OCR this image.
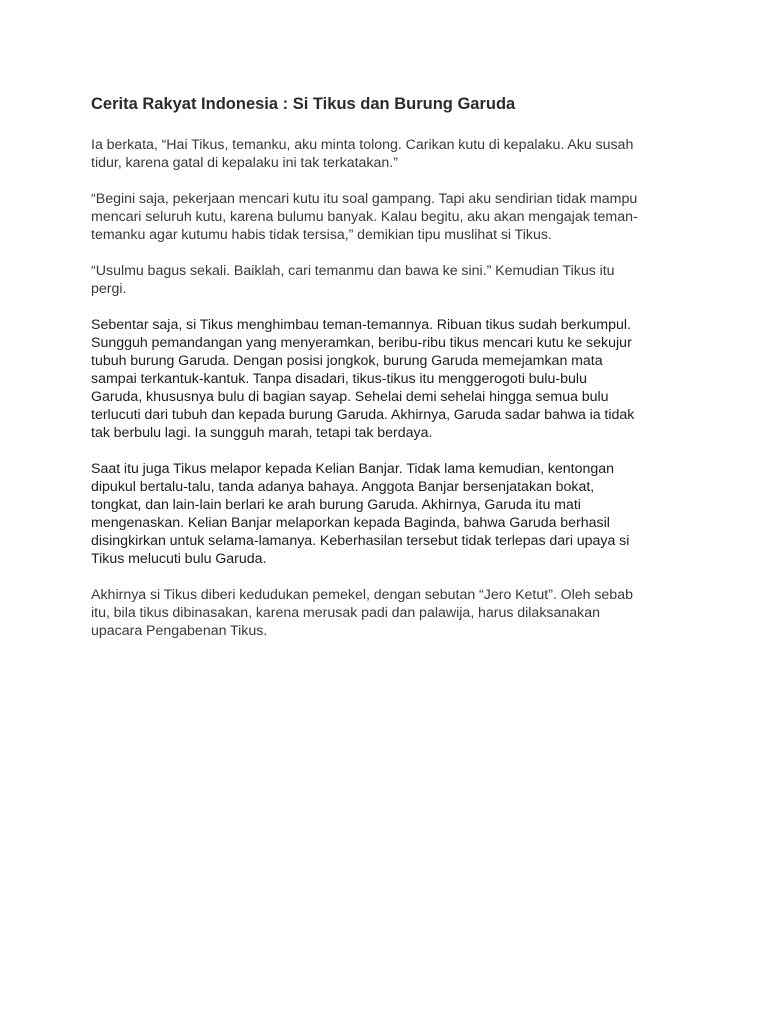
Cerita Rakyat Indonesia : Si Tikus dan Burung Garuda

Ia berkata, “Hai Tikus, temanku, aku minta tolong. Carikan kutu di kepalaku. Aku susah
tidur, karena gatal di kepalaku ini tak terkatakan.”

“Begini saja, pekerjaan mencari kutu itu soal gampang. Tapi aku sendirian tidak mampu
mencari seluruh kutu, karena bulumu banyak. Kalau begitu, aku akan mengajak teman-
temanku agar kutumu habis tidak tersisa,” demikian tipu muslihat si Tikus.

“Usulmu bagus sekali. Baiklah, cari temanmu dan bawa ke sini.” Kemudian Tikus itu
pergi.

Sebentar saja, si Tikus menghimbau teman-temannya. Ribuan tikus sudah berkumpul.
Sungguh pemandangan yang menyeramkan, beribu-ribu tikus mencari kutu ke sekujur
tubuh burung Garuda. Dengan posisi jongkok, burung Garuda memejamkan mata
sampai terkantuk-kantuk. Tanpa disadari, tikus-tikus itu menggerogoti bulu-bulu
Garuda, khususnya bulu di bagian sayap. Sehelai demi sehelai hingga semua bulu
terlucuti dari tubuh dan kepada burung Garuda. Akhirnya, Garuda sadar bahwa ia tidak
tak berbulu lagi. Ia sungguh marah, tetapi tak berdaya.

Saat itu juga Tikus melapor kepada Kelian Banjar. Tidak lama kemudian, kentongan
dipukul bertalu-talu, tanda adanya bahaya. Anggota Banjar bersenjatakan bokat,
tongkat, dan lain-lain berlari ke arah burung Garuda. Akhirnya, Garuda itu mati
mengenaskan. Kelian Banjar melaporkan kepada Baginda, bahwa Garuda berhasil
disingkirkan untuk selama-lamanya. Keberhasilan tersebut tidak terlepas dari upaya si
Tikus melucuti bulu Garuda.

Akhirnya si Tikus diberi kedudukan pemekel, dengan sebutan “Jero Ketut”. Oleh sebab
itu, bila tikus dibinasakan, karena merusak padi dan palawija, harus dilaksanakan
upacara Pengabenan Tikus.
